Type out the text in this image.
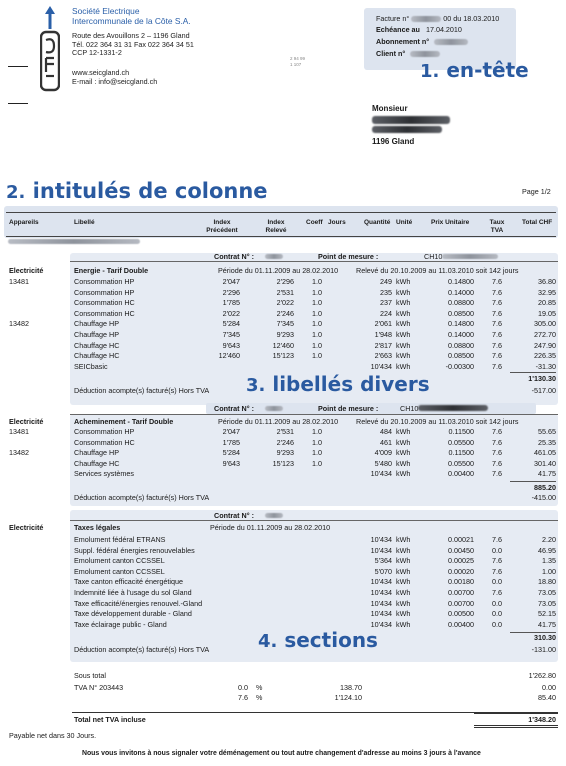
Société Electrique
Intercommunale de la Côte S.A.
Route des Avouillons 2 – 1196 Gland
Tél. 022 364 31 31 Fax 022 364 34 51
CCP 12-1331-2
www.seicgland.ch
E-mail : info@seicgland.ch
2 94 99
1 107
Facture n°	00 du 18.03.2010
Echéance au 17.04.2010
Abonnement n°
Client n°
1. en-tête
Monsieur
1196 Gland
2. intitulés de colonne	Page 1/2
Appareils	Libellé	Index
Précédent
Index
Relevé
Coeff Jours	Quantité Unité	Prix Unitaire	Taux
TVA
Total CHF
Contrat N° :	Point de mesure :	CH10
Electricité	Energie - Tarif Double	Période du 01.11.2009 au 28.02.2010 Relevé du 20.10.2009 au 11.03.2010 soit 142 jours
13481	Consommation HP	2'047	2'296	1.0	249 kWh	0.14800	7.6	36.80
Consommation HP	2'296	2'531	1.0	235 kWh	0.14000	7.6	32.95
Consommation HC	1'785	2'022	1.0	237 kWh	0.08800	7.6	20.85
Consommation HC	2'022	2'246	1.0	224 kWh	0.08500	7.6	19.05
13482	Chauffage HP	5'284	7'345	1.0	2'061 kWh	0.14800	7.6	305.00
Chauffage HP	7'345	9'293	1.0	1'948 kWh	0.14000	7.6	272.70
Chauffage HC	9'643	12'460	1.0	2'817 kWh	0.08800	7.6	247.90
Chauffage HC	12'460	15'123	1.0	2'663 kWh	0.08500	7.6	226.35
SEICbasic	10'434 kWh	-0.00300	7.6	-31.30
1'130.30
Déduction acompte(s) facturé(s) Hors TVA	-517.00
3. libellés divers
Contrat N° :	Point de mesure :	CH10
Electricité	Acheminement - Tarif Double	Période du 01.11.2009 au 28.02.2010 Relevé du 20.10.2009 au 11.03.2010 soit 142 jours
13481	Consommation HP	2'047	2'531	1.0	484 kWh	0.11500	7.6	55.65
Consommation HC	1'785	2'246	1.0	461 kWh	0.05500	7.6	25.35
13482	Chauffage HP	5'284	9'293	1.0	4'009 kWh	0.11500	7.6	461.05
Chauffage HC	9'643	15'123	1.0	5'480 kWh	0.05500	7.6	301.40
Services systèmes	10'434 kWh	0.00400	7.6	41.75
885.20
Déduction acompte(s) facturé(s) Hors TVA	-415.00
Contrat N° :
Electricité	Taxes légales	Période du 01.11.2009 au 28.02.2010
Emolument fédéral ETRANS	10'434 kWh	0.00021	7.6	2.20
Suppl. fédéral énergies renouvelables	10'434 kWh	0.00450	0.0	46.95
Emolument canton CCSSEL	5'364 kWh	0.00025	7.6	1.35
Emolument canton CCSSEL	5'070 kWh	0.00020	7.6	1.00
Taxe canton efficacité énergétique	10'434 kWh	0.00180	0.0	18.80
Indemnité liée à l'usage du sol Gland	10'434 kWh	0.00700	7.6	73.05
Taxe efficacité/énergies renouvel.-Gland	10'434 kWh	0.00700	0.0	73.05
Taxe développement durable - Gland	10'434 kWh	0.00500	0.0	52.15
Taxe éclairage public - Gland	10'434 kWh	0.00400	0.0	41.75
310.30
Déduction acompte(s) facturé(s) Hors TVA	-131.00
4. sections
Sous total	1'262.80
TVA N° 203443	0.0 %	138.70	0.00
7.6 %	1'124.10	85.40
Total net TVA incluse	1'348.20
Payable net dans 30 Jours.
Nous vous invitons à nous signaler votre déménagement ou tout autre changement d'adresse au moins 3 jours à l'avance
